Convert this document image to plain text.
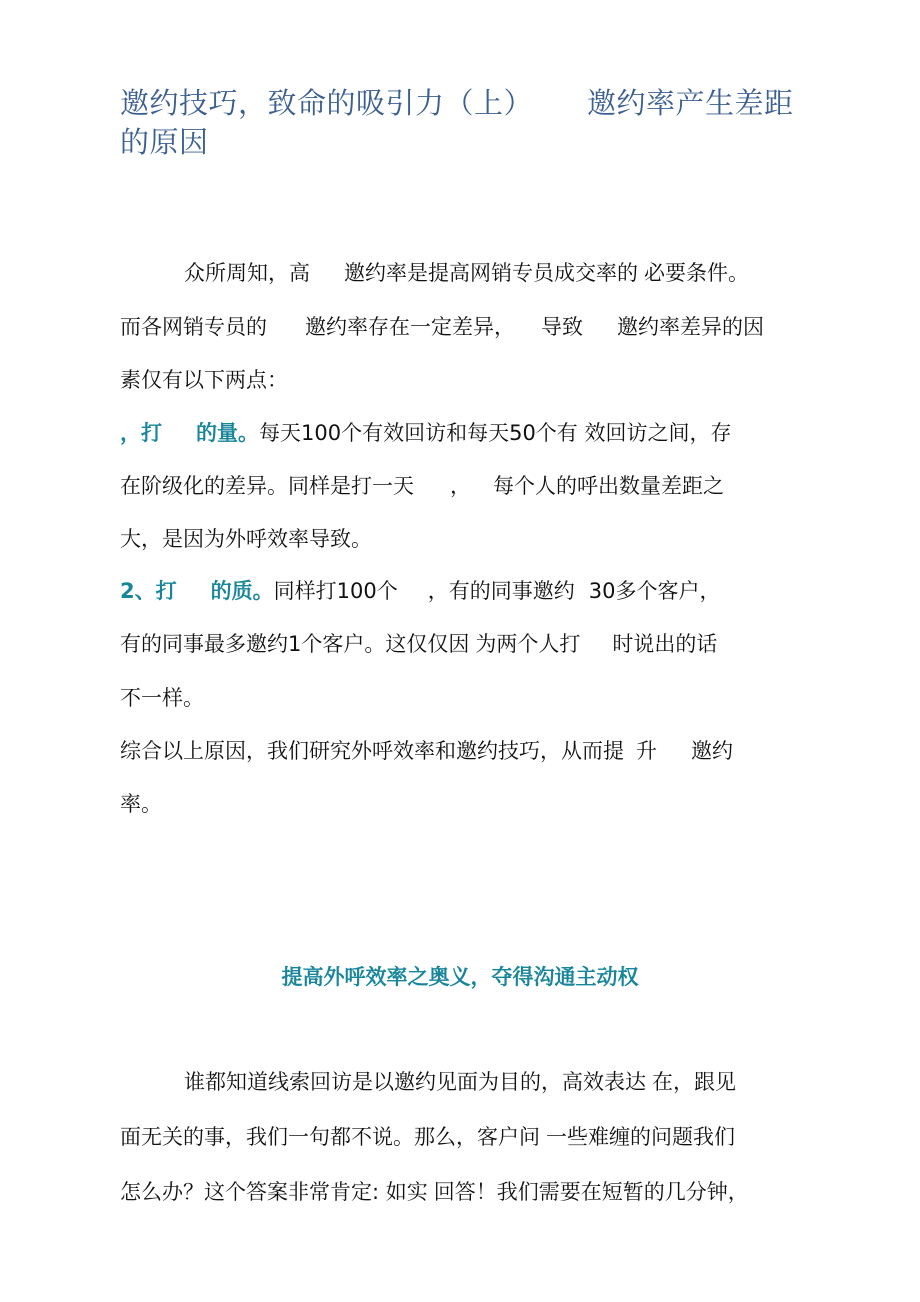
邀约技巧，致命的吸引力（上） 邀约率产生差距的原因
众所周知，高 邀约率是提高网销专员成交率的 必要条件。
而各网销专员的 邀约率存在一定差异， 导致 邀约率差异的因
素仅有以下两点：
，打 的量。每天100个有效回访和每天50个有 效回访之间，存
在阶级化的差异。同样是打一天 ， 每个人的呼出数量差距之
大，是因为外呼效率导致。
2、打 的质。同样打100个 ，有的同事邀约 30多个客户，
有的同事最多邀约1个客户。这仅仅因 为两个人打 时说出的话
不一样。
综合以上原因，我们研究外呼效率和邀约技巧，从而提 升 邀约
率。
提高外呼效率之奥义，夺得沟通主动权
谁都知道线索回访是以邀约见面为目的，高效表达 在，跟见
面无关的事，我们一句都不说。那么，客户问 一些难缠的问题我们
怎么办？这个答案非常肯定: 如实 回答！我们需要在短暂的几分钟，
